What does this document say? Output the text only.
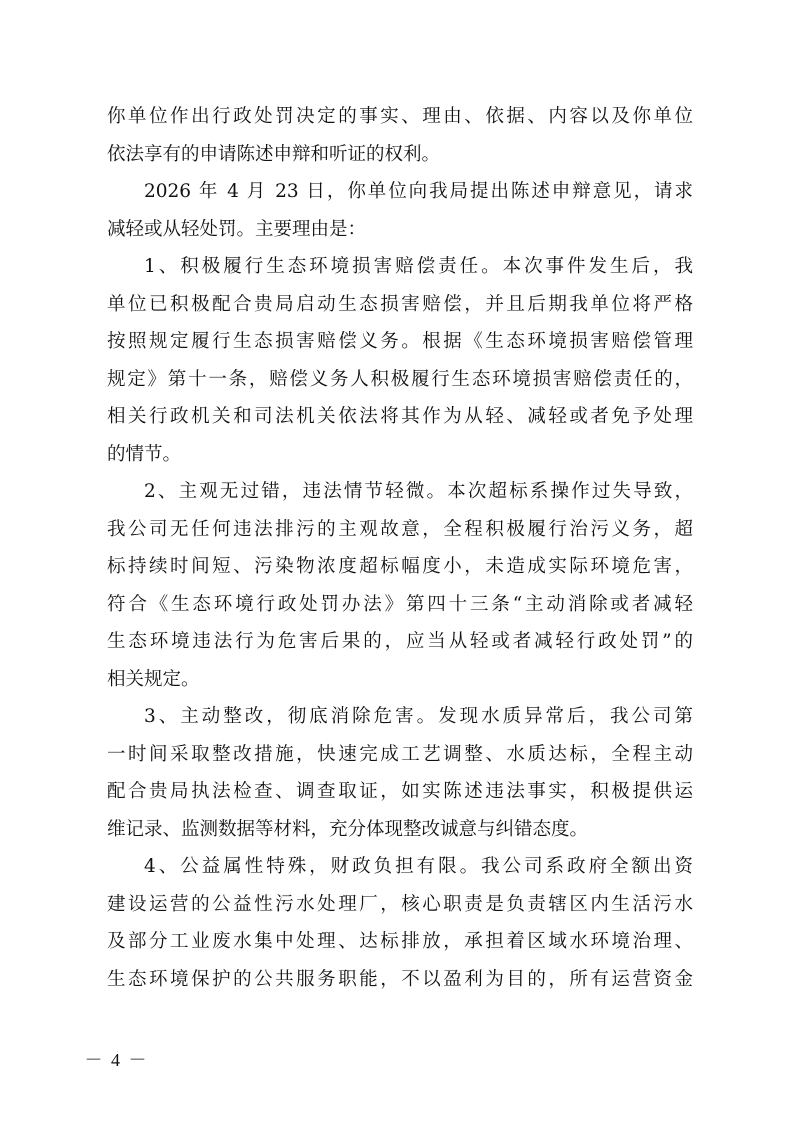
你单位作出行政处罚决定的事实、理由、依据、内容以及你单位
依法享有的申请陈述申辩和听证的权利。
2026 年 4 月 23 日，你单位向我局提出陈述申辩意见，请求
减轻或从轻处罚。主要理由是：
1、积极履行生态环境损害赔偿责任。本次事件发生后，我
单位已积极配合贵局启动生态损害赔偿，并且后期我单位将严格
按照规定履行生态损害赔偿义务。根据《生态环境损害赔偿管理
规定》第十一条，赔偿义务人积极履行生态环境损害赔偿责任的，
相关行政机关和司法机关依法将其作为从轻、减轻或者免予处理
的情节。
2、主观无过错，违法情节轻微。本次超标系操作过失导致，
我公司无任何违法排污的主观故意，全程积极履行治污义务，超
标持续时间短、污染物浓度超标幅度小，未造成实际环境危害，
符合《生态环境行政处罚办法》第四十三条“主动消除或者减轻
生态环境违法行为危害后果的，应当从轻或者减轻行政处罚”的
相关规定。
3、主动整改，彻底消除危害。发现水质异常后，我公司第
一时间采取整改措施，快速完成工艺调整、水质达标，全程主动
配合贵局执法检查、调查取证，如实陈述违法事实，积极提供运
维记录、监测数据等材料，充分体现整改诚意与纠错态度。
4、公益属性特殊，财政负担有限。我公司系政府全额出资
建设运营的公益性污水处理厂，核心职责是负责辖区内生活污水
及部分工业废水集中处理、达标排放，承担着区域水环境治理、
生态环境保护的公共服务职能，不以盈利为目的，所有运营资金
－ 4 －
